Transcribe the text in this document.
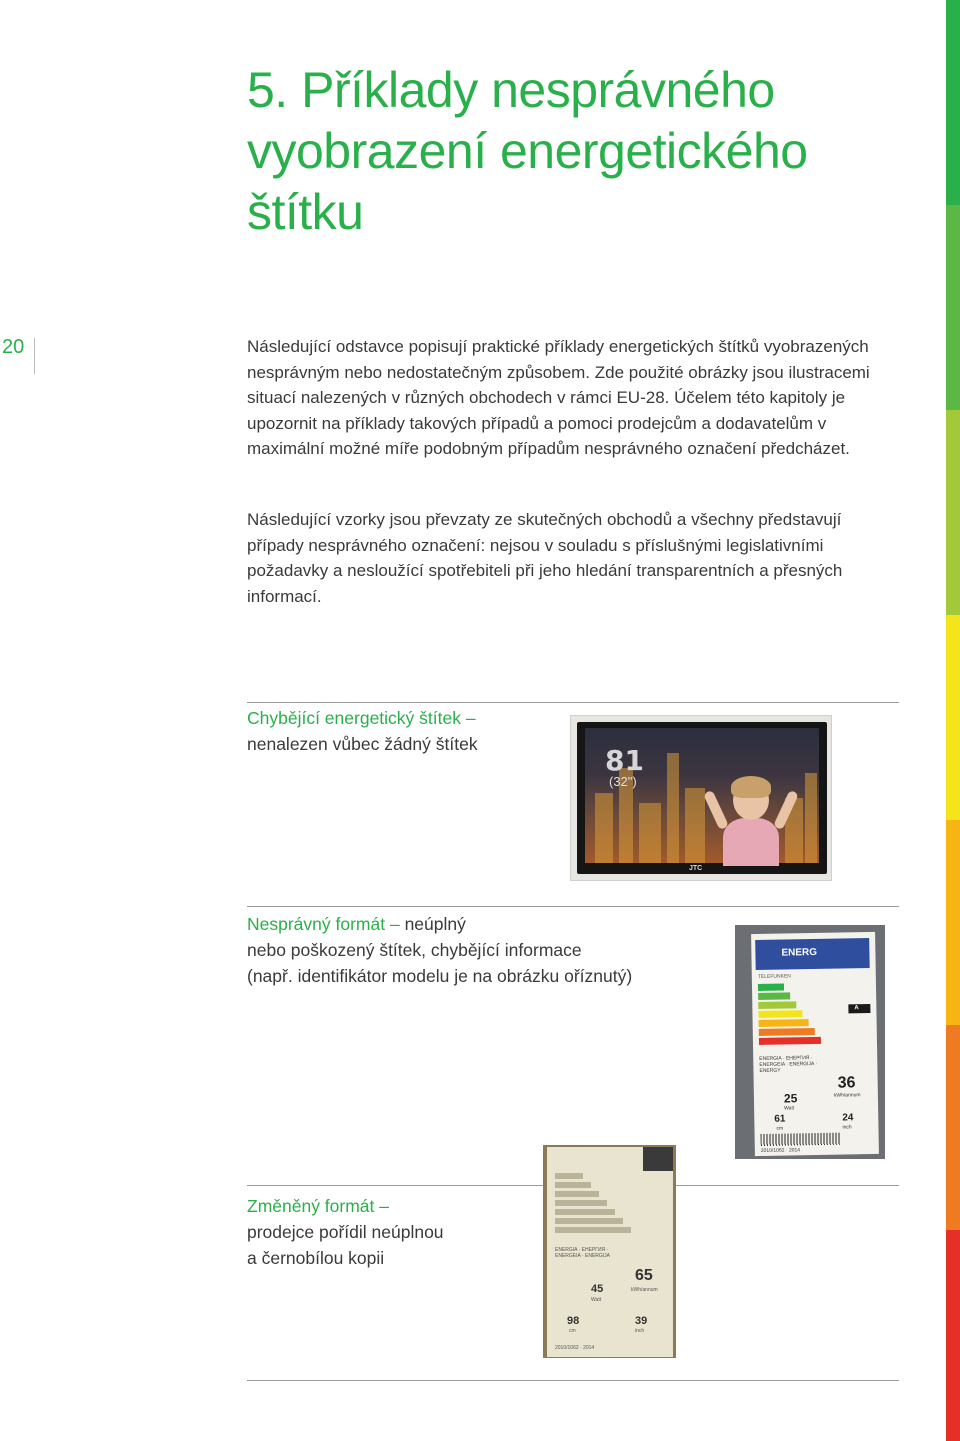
5. Příklady nesprávného vyobrazení energetického štítku
20	Následující odstavce popisují praktické příklady energetických štítků vyobrazených nesprávným nebo nedostatečným způsobem. Zde použité obrázky jsou ilustracemi situací nalezených v různých obchodech v rámci EU-28. Účelem této kapitoly je upozornit na příklady takových případů a pomoci prodejcům a dodavatelům v maximální možné míře podobným případům nesprávného označení předcházet.

Následující vzorky jsou převzaty ze skutečných obchodů a všechny představují případy nesprávného označení: nejsou v souladu s příslušnými legislativními požadavky a nesloužící spotřebiteli při jeho hledání transparentních a přesných informací.

Chybějící energetický štítek –
nenalezen vůbec žádný štítek	81
(32")
JTC
Nesprávný formát – neúplný
nebo poškozený štítek, chybějící informace
(např. identifikátor modelu je na obrázku oříznutý)
ENERG
TELEFUNKEN
A
ENERGIA · ЕНЕРГИЯ · ENERGEIA · ENERGIJA · ENERGY
25
Watt
36
kWh/annum
61
cm
24
inch
2010/1062 · 2014
Změněný formát –
prodejce pořídil neúplnou
a černobílou kopii	ENERGIA · ЕНЕРГИЯ · ENERGEIA · ENERGIJA
45
Watt
65
kWh/annum
98
cm
39
inch
2010/1062 · 2014
